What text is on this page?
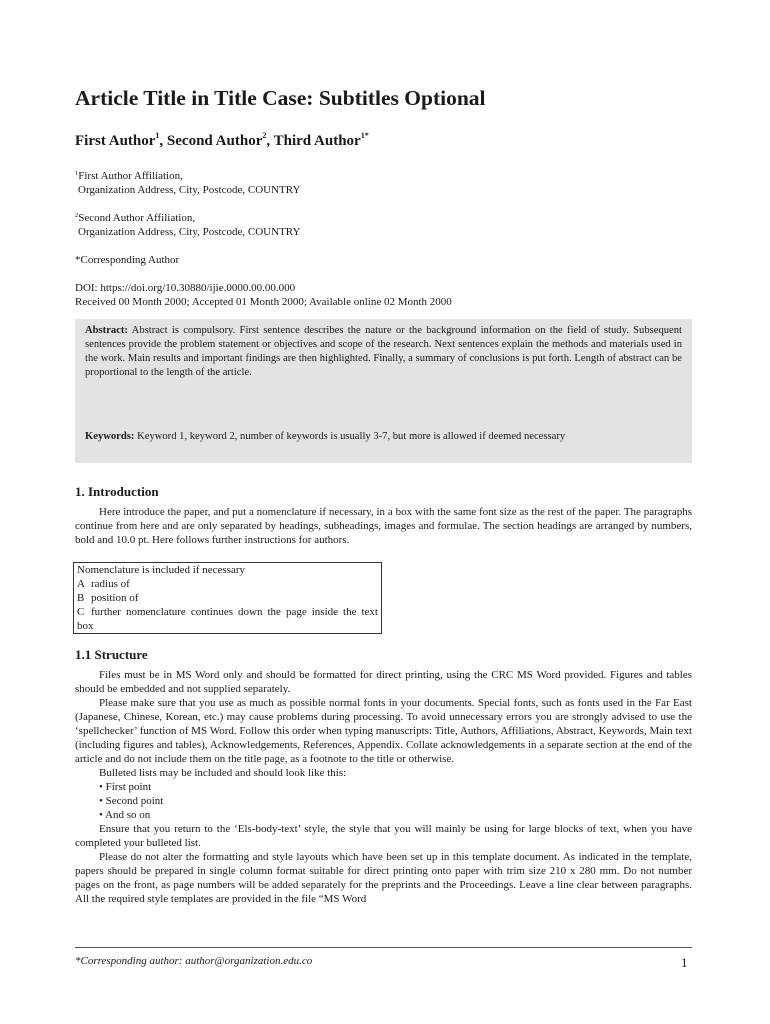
Article Title in Title Case: Subtitles Optional
First Author$^1$, Second Author$^2$, Third Author$^{1*}$
$^1$First Author Affiliation,
Organization Address, City, Postcode, COUNTRY
$^2$Second Author Affiliation,
Organization Address, City, Postcode, COUNTRY
*Corresponding Author
DOI: https://doi.org/10.30880/ijie.0000.00.00.000
Received 00 Month 2000; Accepted 01 Month 2000; Available online 02 Month 2000
Abstract: Abstract is compulsory. First sentence describes the nature or the background information on the field of study. Subsequent sentences provide the problem statement or objectives and scope of the research. Next sentences explain the methods and materials used in the work. Main results and important findings are then highlighted. Finally, a summary of conclusions is put forth. Length of abstract can be proportional to the length of the article.
Keywords: Keyword 1, keyword 2, number of keywords is usually 3-7, but more is allowed if deemed necessary
1. Introduction

Here introduce the paper, and put a nomenclature if necessary, in a box with the same font size as the rest of the paper. The paragraphs continue from here and are only separated by headings, subheadings, images and formulae. The section headings are arranged by numbers, bold and 10.0 pt. Here follows further instructions for authors.

Nomenclature is included if necessary
A radius of
B position of
C further nomenclature continues down the page inside the text box
1.1 Structure

Files must be in MS Word only and should be formatted for direct printing, using the CRC MS Word provided. Figures and tables should be embedded and not supplied separately.

Please make sure that you use as much as possible normal fonts in your documents. Special fonts, such as fonts used in the Far East (Japanese, Chinese, Korean, etc.) may cause problems during processing. To avoid unnecessary errors you are strongly advised to use the ‘spellchecker’ function of MS Word. Follow this order when typing manuscripts: Title, Authors, Affiliations, Abstract, Keywords, Main text (including figures and tables), Acknowledgements, References, Appendix. Collate acknowledgements in a separate section at the end of the article and do not include them on the title page, as a footnote to the title or otherwise.

Bulleted lists may be included and should look like this:

• First point

• Second point

• And so on

Ensure that you return to the ‘Els-body-text’ style, the style that you will mainly be using for large blocks of text, when you have completed your bulleted list.

Please do not alter the formatting and style layouts which have been set up in this template document. As indicated in the template, papers should be prepared in single column format suitable for direct printing onto paper with trim size 210 x 280 mm. Do not number pages on the front, as page numbers will be added separately for the preprints and the Proceedings. Leave a line clear between paragraphs. All the required style templates are provided in the file “MS Word

*Corresponding author: author@organization.edu.co	1
